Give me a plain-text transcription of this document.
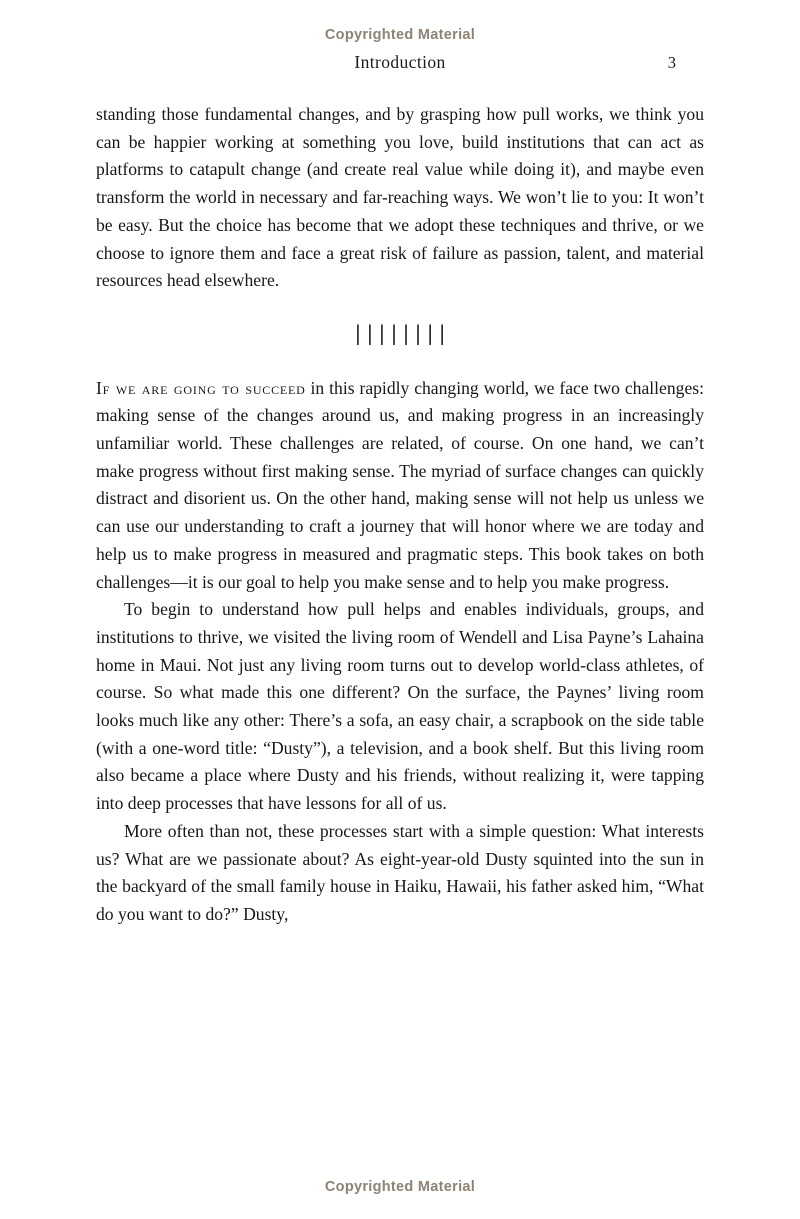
Copyrighted Material
Introduction	3

standing those fundamental changes, and by grasping how pull works, we think you can be happier working at something you love, build institutions that can act as platforms to catapult change (and create real value while doing it), and maybe even transform the world in necessary and far-reaching ways. We won’t lie to you: It won’t be easy. But the choice has become that we adopt these techniques and thrive, or we choose to ignore them and face a great risk of failure as passion, talent, and material resources head elsewhere.

||||||||

If we are going to succeed in this rapidly changing world, we face two challenges: making sense of the changes around us, and making progress in an increasingly unfamiliar world. These challenges are related, of course. On one hand, we can’t make progress without first making sense. The myriad of surface changes can quickly distract and disorient us. On the other hand, making sense will not help us unless we can use our understanding to craft a journey that will honor where we are today and help us to make progress in measured and pragmatic steps. This book takes on both challenges—it is our goal to help you make sense and to help you make progress.

To begin to understand how pull helps and enables individuals, groups, and institutions to thrive, we visited the living room of Wendell and Lisa Payne’s Lahaina home in Maui. Not just any living room turns out to develop world-class athletes, of course. So what made this one different? On the surface, the Paynes’ living room looks much like any other: There’s a sofa, an easy chair, a scrapbook on the side table (with a one-word title: “Dusty”), a television, and a book shelf. But this living room also became a place where Dusty and his friends, without realizing it, were tapping into deep processes that have lessons for all of us.

More often than not, these processes start with a simple question: What interests us? What are we passionate about? As eight-year-old Dusty squinted into the sun in the backyard of the small family house in Haiku, Hawaii, his father asked him, “What do you want to do?” Dusty,

Copyrighted Material
